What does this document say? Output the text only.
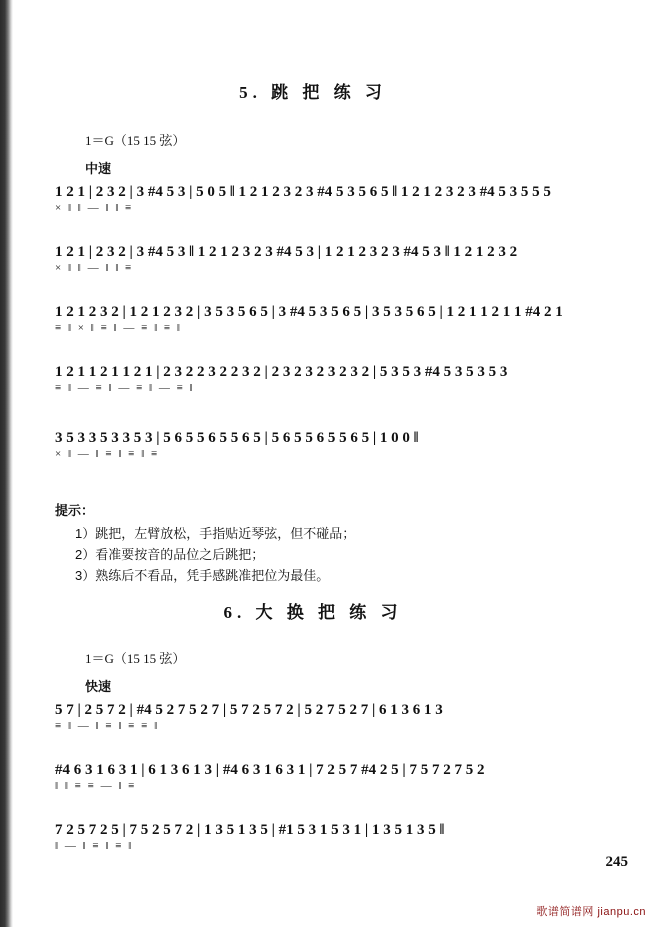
5. 跳 把 练 习
1＝G（15 15 弦）
中速
1 2 1 | 2 3 2 | 3 #4 5 3 | 5 0 5 ‖ 1 2 1 2 3 2 3 #4 5 3 5 6 5 ‖ 1 2 1 2 3 2 3 #4 5 3 5 5 5
× ‖ ‖ — ‖ ‖ ≡
1 2 1 | 2 3 2 | 3 #4 5 3 ‖ 1 2 1 2 3 2 3 #4 5 3 | 1 2 1 2 3 2 3 #4 5 3 ‖ 1 2 1 2 3 2
× ‖ ‖ — ‖ ‖ ≡
1 2 1 2 3 2 | 1 2 1 2 3 2 | 3 5 3 5 6 5 | 3 #4 5 3 5 6 5 | 3 5 3 5 6 5 | 1 2 1 1 2 1 1 #4 2 1
≡ ‖ × ‖ ≡ ‖ — ≡ ‖ ≡ ‖
1 2 1 1 2 1 1 2 1 | 2 3 2 2 3 2 2 3 2 | 2 3 2 3 2 3 2 3 2 | 5 3 5 3 #4 5 3 5 3 5 3
≡ ‖ — ≡ ‖ — ≡ ‖ — ≡ ‖
3 5 3 3 5 3 3 5 3 | 5 6 5 5 6 5 5 6 5 | 5 6 5 5 6 5 5 6 5 | 1 0 0 ‖
× ‖ — ‖ ≡ ‖ ≡ ‖ ≡
提示：
1）跳把，左臂放松，手指贴近琴弦，但不碰品；
2）看准要按音的品位之后跳把；
3）熟练后不看品，凭手感跳准把位为最佳。
6. 大 换 把 练 习
1＝G（15 15 弦）
快速
5 7 | 2 5 7 2 | #4 5 2 7 5 2 7 | 5 7 2 5 7 2 | 5 2 7 5 2 7 | 6 1 3 6 1 3
≡ ‖ — ‖ ≡ ‖ ≡ ≡ ‖
#4 6 3 1 6 3 1 | 6 1 3 6 1 3 | #4 6 3 1 6 3 1 | 7 2 5 7 #4 2 5 | 7 5 7 2 7 5 2
‖ ‖ ≡ ≡ — ‖ ≡
7 2 5 7 2 5 | 7 5 2 5 7 2 | 1 3 5 1 3 5 | #1 5 3 1 5 3 1 | 1 3 5 1 3 5 ‖
‖ — ‖ ≡ ‖ ≡ ‖
245
歌谱简谱网 jianpu.cn
